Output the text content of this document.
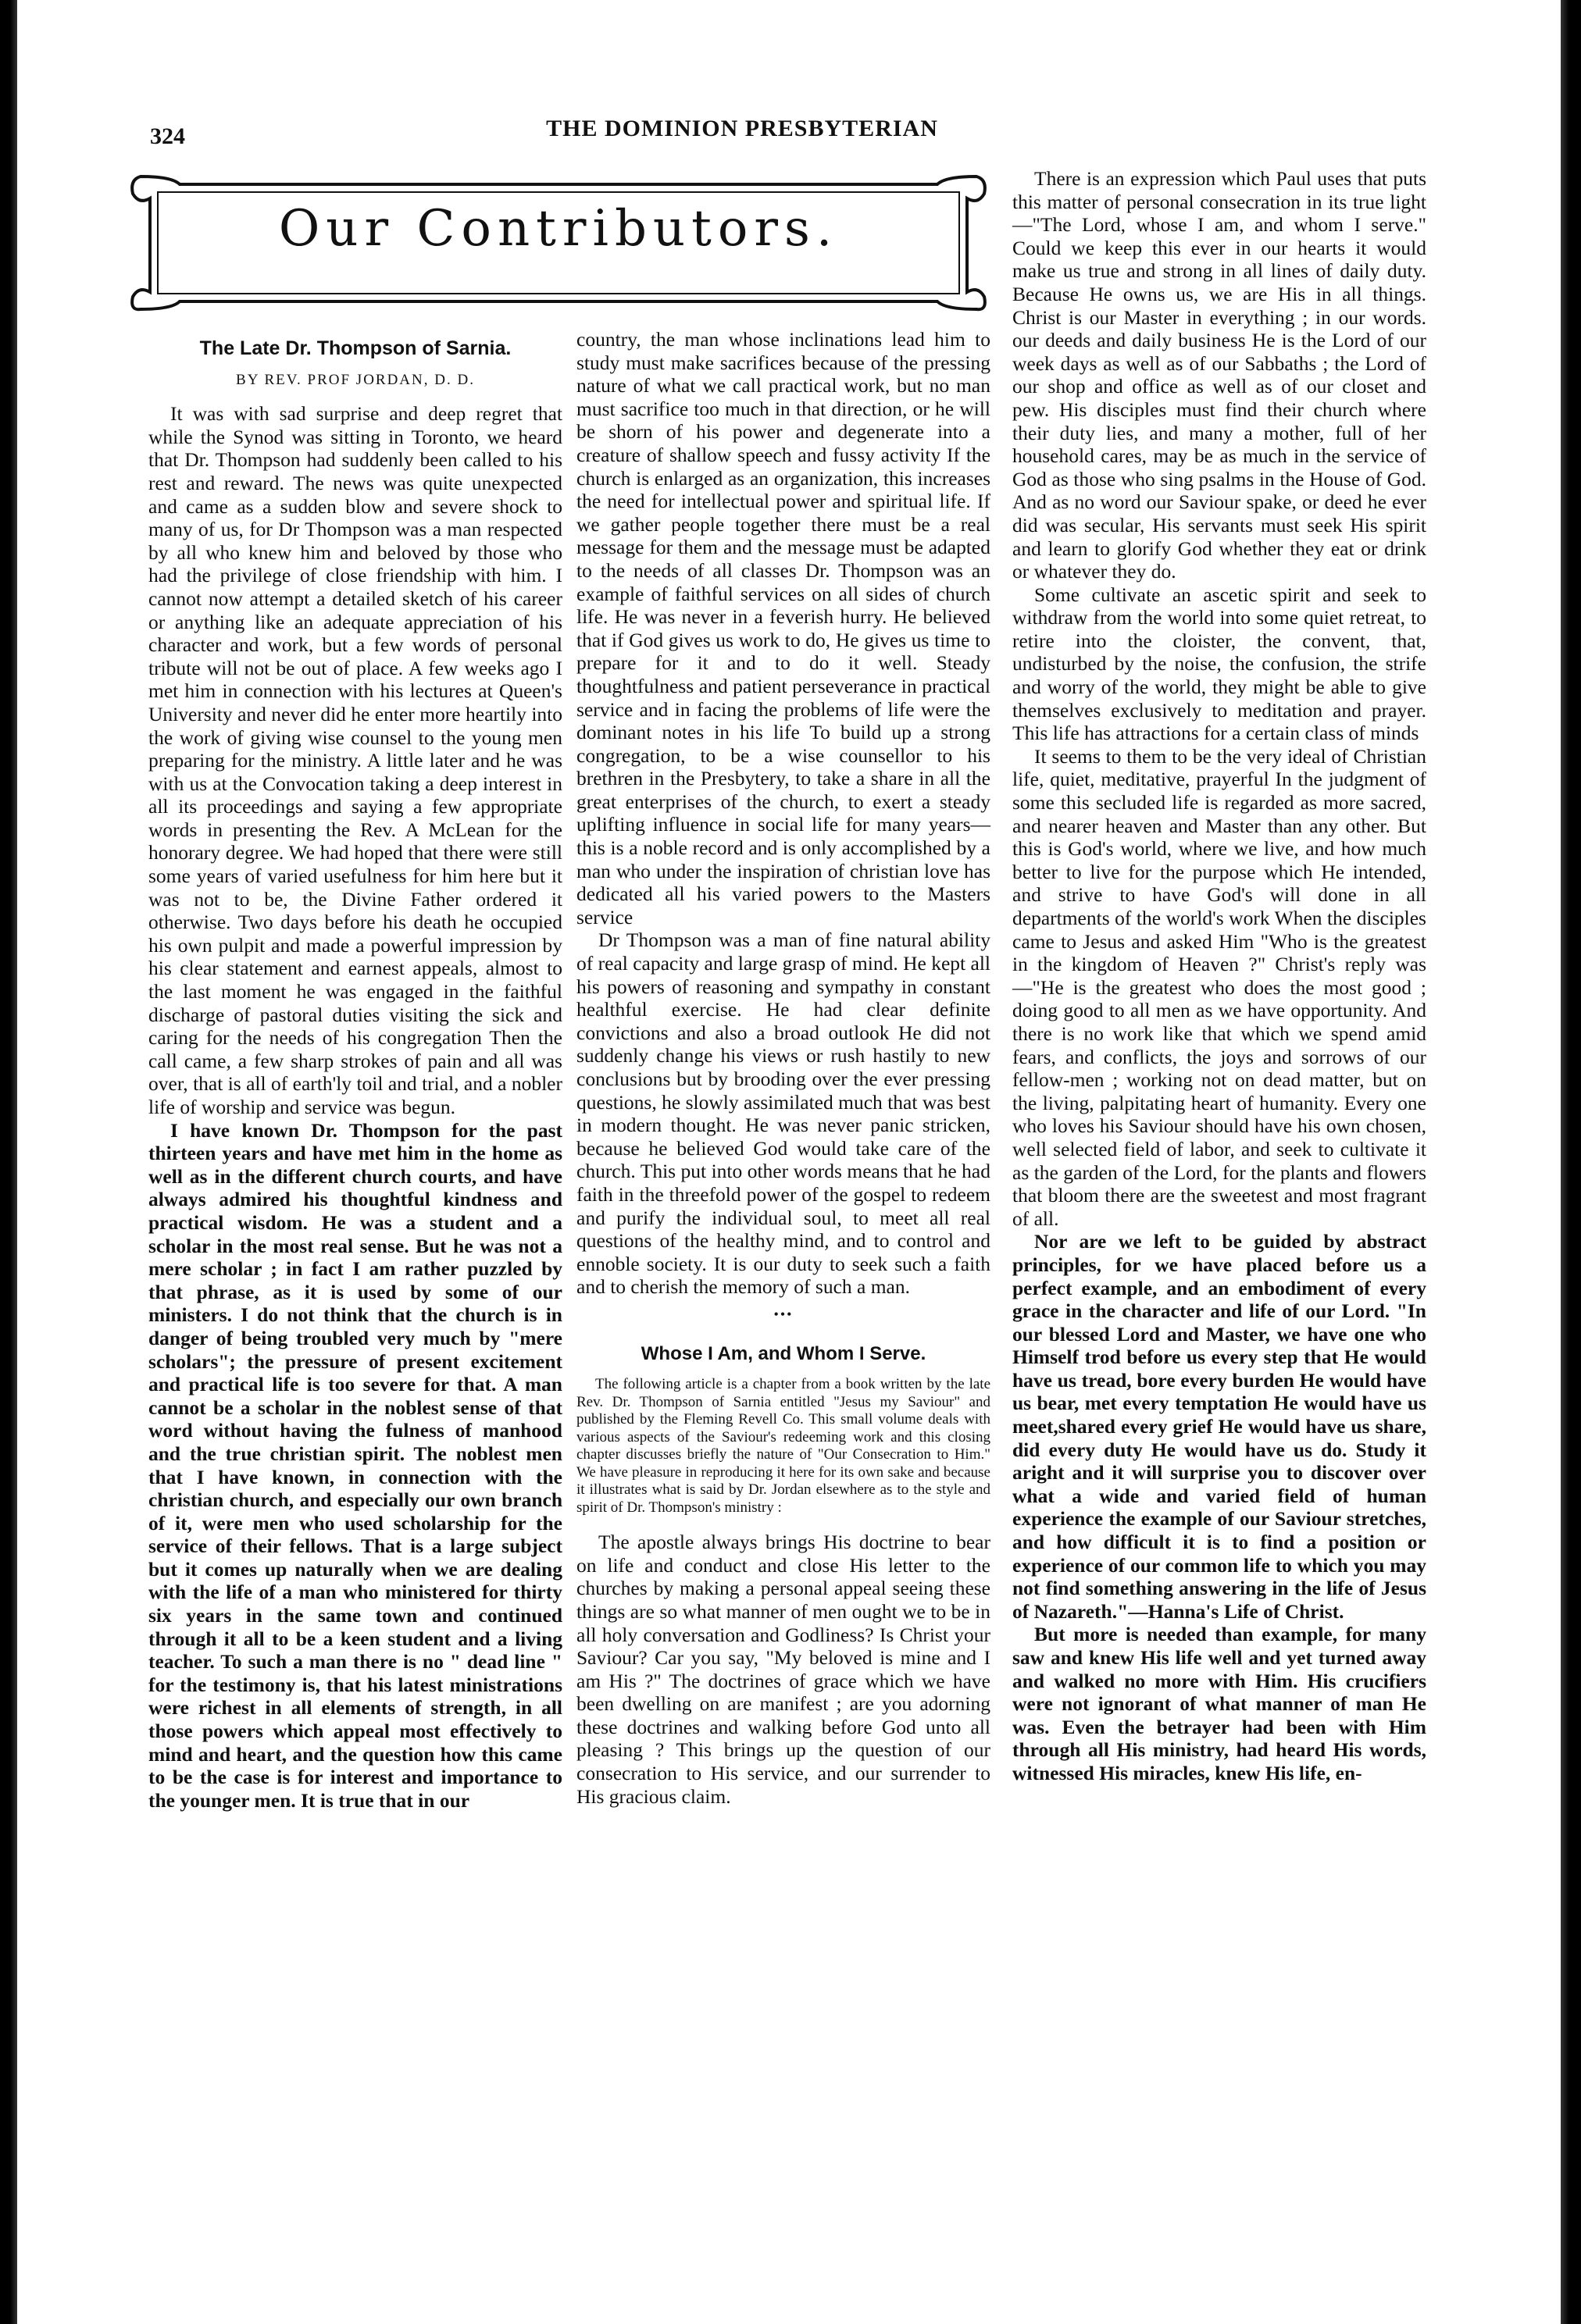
324	THE DOMINION PRESBYTERIAN
Our Contributors.
The Late Dr. Thompson of Sarnia.
BY REV. PROF JORDAN, D. D.

It was with sad surprise and deep regret that while the Synod was sitting in Toronto, we heard that Dr. Thompson had suddenly been called to his rest and reward. The news was quite unexpected and came as a sudden blow and severe shock to many of us, for Dr Thompson was a man respected by all who knew him and beloved by those who had the privilege of close friendship with him. I cannot now attempt a detailed sketch of his career or anything like an adequate appreciation of his character and work, but a few words of personal tribute will not be out of place. A few weeks ago I met him in connection with his lectures at Queen's University and never did he enter more heartily into the work of giving wise counsel to the young men preparing for the ministry. A little later and he was with us at the Convocation taking a deep interest in all its proceedings and saying a few appropriate words in presenting the Rev. A McLean for the honorary degree. We had hoped that there were still some years of varied usefulness for him here but it was not to be, the Divine Father ordered it otherwise. Two days before his death he occupied his own pulpit and made a powerful impression by his clear statement and earnest appeals, almost to the last moment he was engaged in the faithful discharge of pastoral duties visiting the sick and caring for the needs of his congregation Then the call came, a few sharp strokes of pain and all was over, that is all of earth'ly toil and trial, and a nobler life of worship and service was begun.

I have known Dr. Thompson for the past thirteen years and have met him in the home as well as in the different church courts, and have always admired his thoughtful kindness and practical wisdom. He was a student and a scholar in the most real sense. But he was not a mere scholar ; in fact I am rather puzzled by that phrase, as it is used by some of our ministers. I do not think that the church is in danger of being troubled very much by "mere scholars"; the pressure of present excitement and practical life is too severe for that. A man cannot be a scholar in the noblest sense of that word without having the fulness of manhood and the true christian spirit. The noblest men that I have known, in connection with the christian church, and especially our own branch of it, were men who used scholarship for the service of their fellows. That is a large subject but it comes up naturally when we are dealing with the life of a man who ministered for thirty six years in the same town and continued through it all to be a keen student and a living teacher. To such a man there is no " dead line " for the testimony is, that his latest ministrations were richest in all elements of strength, in all those powers which appeal most effectively to mind and heart, and the question how this came to be the case is for interest and importance to the younger men. It is true that in our

country, the man whose inclinations lead him to study must make sacrifices because of the pressing nature of what we call practical work, but no man must sacrifice too much in that direction, or he will be shorn of his power and degenerate into a creature of shallow speech and fussy activity If the church is enlarged as an organization, this increases the need for intellectual power and spiritual life. If we gather people together there must be a real message for them and the message must be adapted to the needs of all classes Dr. Thompson was an example of faithful services on all sides of church life. He was never in a feverish hurry. He believed that if God gives us work to do, He gives us time to prepare for it and to do it well. Steady thoughtfulness and patient perseverance in practical service and in facing the problems of life were the dominant notes in his life To build up a strong congregation, to be a wise counsellor to his brethren in the Presbytery, to take a share in all the great enterprises of the church, to exert a steady uplifting influence in social life for many years—this is a noble record and is only accomplished by a man who under the inspiration of christian love has dedicated all his varied powers to the Masters service

Dr Thompson was a man of fine natural ability of real capacity and large grasp of mind. He kept all his powers of reasoning and sympathy in constant healthful exercise. He had clear definite convictions and also a broad outlook He did not suddenly change his views or rush hastily to new conclusions but by brooding over the ever pressing questions, he slowly assimilated much that was best in modern thought. He was never panic stricken, because he believed God would take care of the church. This put into other words means that he had faith in the threefold power of the gospel to redeem and purify the individual soul, to meet all real questions of the healthy mind, and to control and ennoble society. It is our duty to seek such a faith and to cherish the memory of such a man.

•••
Whose I Am, and Whom I Serve.

The following article is a chapter from a book written by the late Rev. Dr. Thompson of Sarnia entitled "Jesus my Saviour" and published by the Fleming Revell Co. This small volume deals with various aspects of the Saviour's redeeming work and this closing chapter discusses briefly the nature of "Our Consecration to Him." We have pleasure in reproducing it here for its own sake and because it illustrates what is said by Dr. Jordan elsewhere as to the style and spirit of Dr. Thompson's ministry :

The apostle always brings His doctrine to bear on life and conduct and close His letter to the churches by making a personal appeal seeing these things are so what manner of men ought we to be in all holy conversation and Godliness? Is Christ your Saviour? Car you say, "My beloved is mine and I am His ?" The doctrines of grace which we have been dwelling on are manifest ; are you adorning these doctrines and walking before God unto all pleasing ? This brings up the question of our consecration to His service, and our surrender to His gracious claim.

There is an expression which Paul uses that puts this matter of personal consecration in its true light—"The Lord, whose I am, and whom I serve." Could we keep this ever in our hearts it would make us true and strong in all lines of daily duty. Because He owns us, we are His in all things. Christ is our Master in everything ; in our words. our deeds and daily business He is the Lord of our week days as well as of our Sabbaths ; the Lord of our shop and office as well as of our closet and pew. His disciples must find their church where their duty lies, and many a mother, full of her household cares, may be as much in the service of God as those who sing psalms in the House of God. And as no word our Saviour spake, or deed he ever did was secular, His servants must seek His spirit and learn to glorify God whether they eat or drink or whatever they do.

Some cultivate an ascetic spirit and seek to withdraw from the world into some quiet retreat, to retire into the cloister, the convent, that, undisturbed by the noise, the confusion, the strife and worry of the world, they might be able to give themselves exclusively to meditation and prayer. This life has attractions for a certain class of minds

It seems to them to be the very ideal of Christian life, quiet, meditative, prayerful In the judgment of some this secluded life is regarded as more sacred, and nearer heaven and Master than any other. But this is God's world, where we live, and how much better to live for the purpose which He intended, and strive to have God's will done in all departments of the world's work When the disciples came to Jesus and asked Him "Who is the greatest in the kingdom of Heaven ?" Christ's reply was—"He is the greatest who does the most good ; doing good to all men as we have opportunity. And there is no work like that which we spend amid fears, and conflicts, the joys and sorrows of our fellow-men ; working not on dead matter, but on the living, palpitating heart of humanity. Every one who loves his Saviour should have his own chosen, well selected field of labor, and seek to cultivate it as the garden of the Lord, for the plants and flowers that bloom there are the sweetest and most fragrant of all.

Nor are we left to be guided by abstract principles, for we have placed before us a perfect example, and an embodiment of every grace in the character and life of our Lord. "In our blessed Lord and Master, we have one who Himself trod before us every step that He would have us tread, bore every burden He would have us bear, met every temptation He would have us meet,shared every grief He would have us share, did every duty He would have us do. Study it aright and it will surprise you to discover over what a wide and varied field of human experience the example of our Saviour stretches, and how difficult it is to find a position or experience of our common life to which you may not find something answering in the life of Jesus of Nazareth."—Hanna's Life of Christ.

But more is needed than example, for many saw and knew His life well and yet turned away and walked no more with Him. His crucifiers were not ignorant of what manner of man He was. Even the betrayer had been with Him through all His ministry, had heard His words, witnessed His miracles, knew His life, en-
